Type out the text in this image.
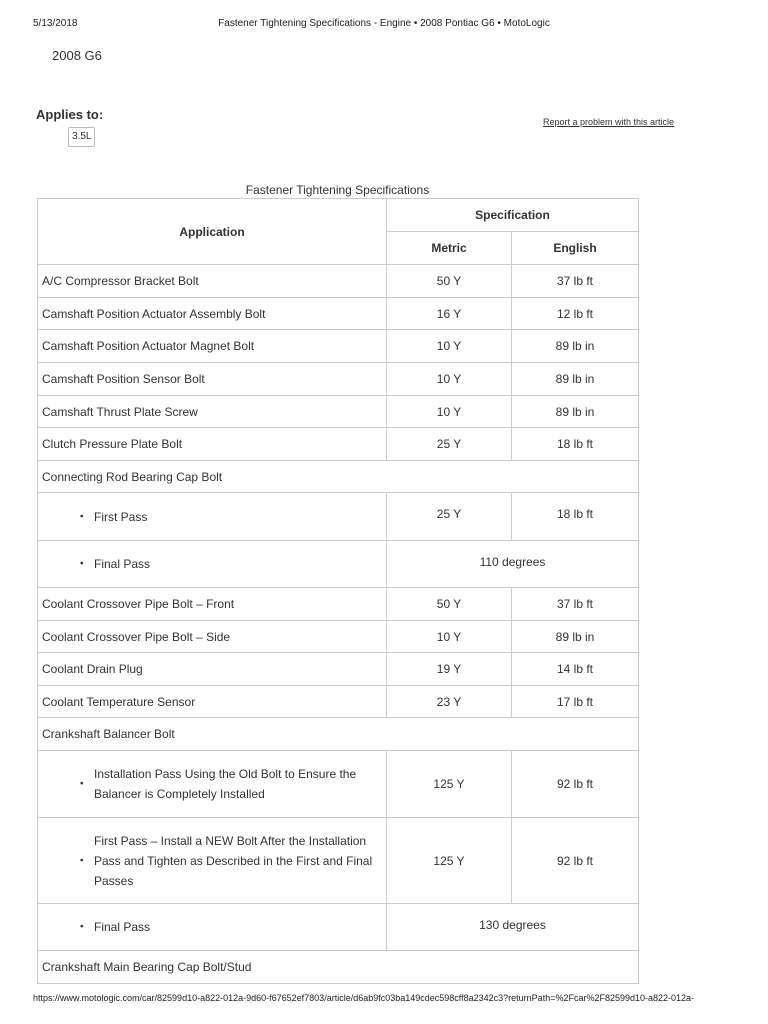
5/13/2018	Fastener Tightening Specifications - Engine • 2008 Pontiac G6 • MotoLogic
2008 G6
Applies to:
3.5L
Report a problem with this article
Fastener Tightening Specifications
Application	Specification	
	Metric	English
A/C Compressor Bracket Bolt	50 Y	37 lb ft
Camshaft Position Actuator Assembly Bolt	16 Y	12 lb ft
Camshaft Position Actuator Magnet Bolt	10 Y	89 lb in
Camshaft Position Sensor Bolt	10 Y	89 lb in
Camshaft Thrust Plate Screw	10 Y	89 lb in
Clutch Pressure Plate Bolt	25 Y	18 lb ft
Connecting Rod Bearing Cap Bolt		

• First Pass	25 Y	18 lb ft

• Final Pass	110 degrees	
Coolant Crossover Pipe Bolt – Front	50 Y	37 lb ft
Coolant Crossover Pipe Bolt – Side	10 Y	89 lb in
Coolant Drain Plug	19 Y	14 lb ft
Coolant Temperature Sensor	23 Y	17 lb ft
Crankshaft Balancer Bolt		

•
Installation Pass Using the Old Bolt to Ensure the Balancer is Completely Installed	125 Y	92 lb ft

•
First Pass – Install a NEW Bolt After the Installation Pass and Tighten as Described in the First and Final Passes	125 Y	92 lb ft

• Final Pass	130 degrees	
Crankshaft Main Bearing Cap Bolt/Stud		
https://www.motologic.com/car/82599d10-a822-012a-9d60-f67652ef7803/article/d6ab9fc03ba149cdec598cff8a2342c3?returnPath=%2Fcar%2F82599d10-a822-012a-
